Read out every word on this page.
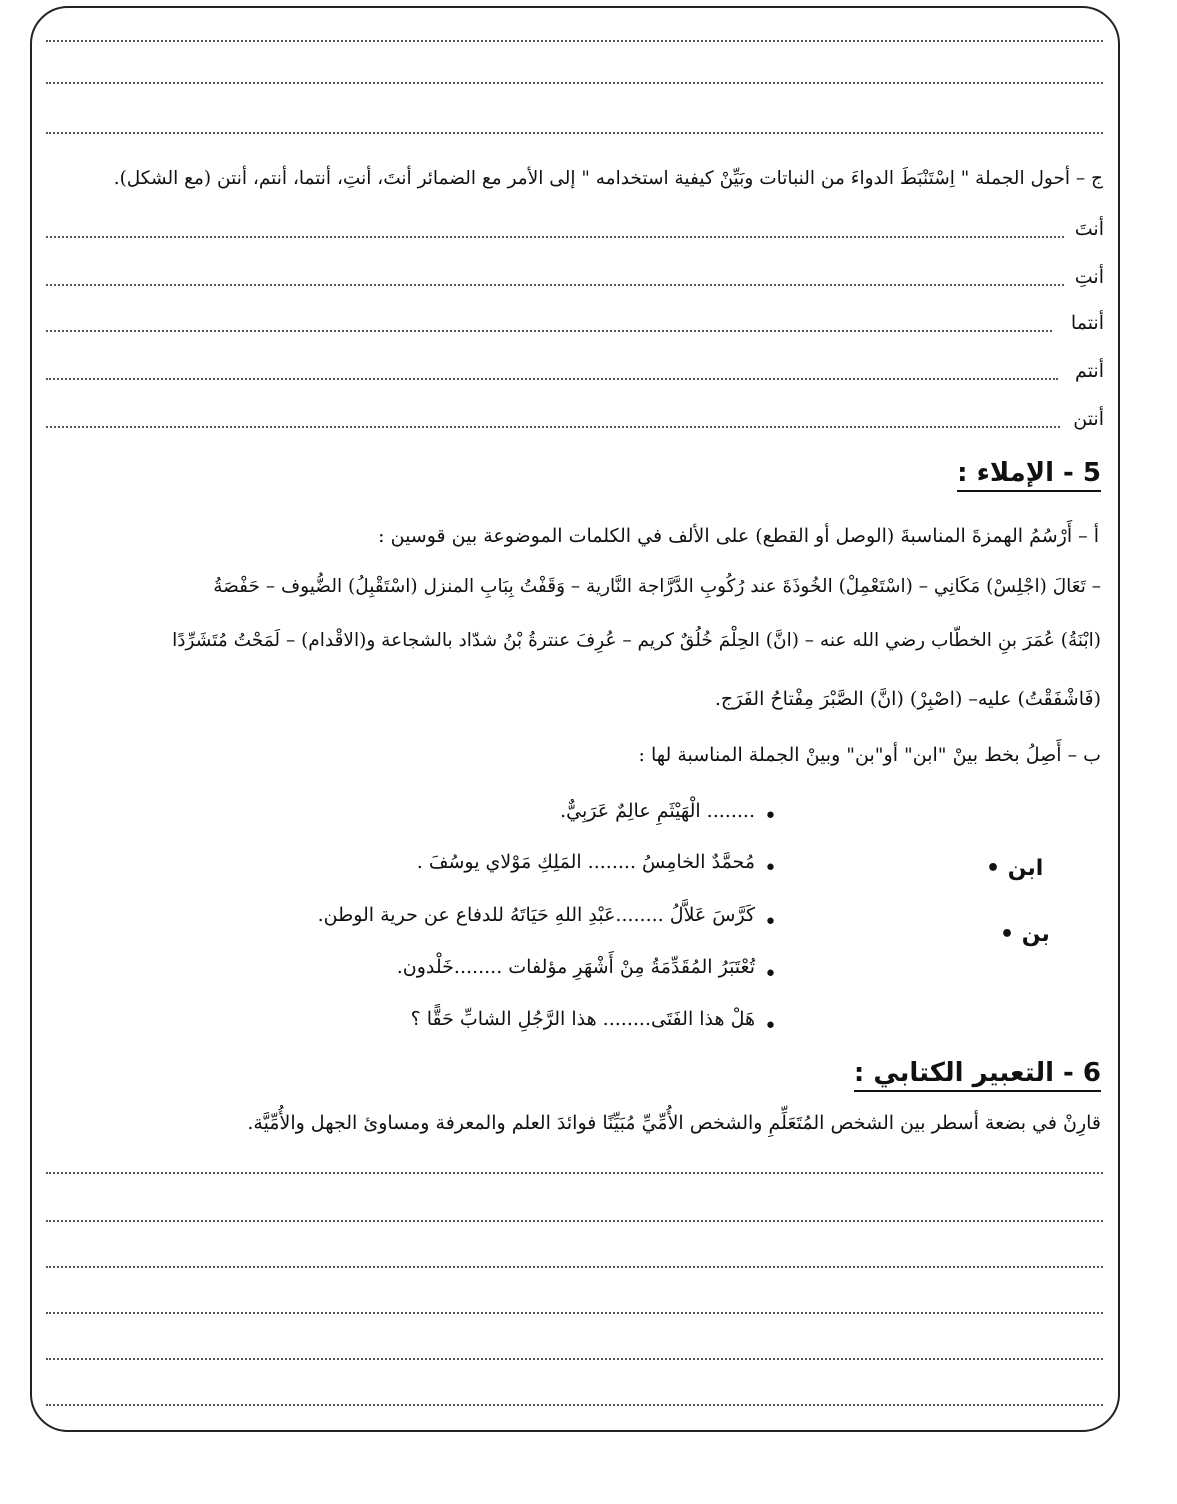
ج – أحول الجملة " اِسْتَنْبَطَ الدواءَ من النباتات وبَيِّنْ كيفية استخدامه " إلى الأمر مع الضمائر أنتَ، أنتِ، أنتما، أنتم، أنتن (مع الشكل).
أنتَ
أنتِ
أنتما
أنتم
أنتن
5 - الإملاء :
أ – أَرْسُمُ الهمزةَ المناسبةَ (الوصل أو القطع) على الألف في الكلمات الموضوعة بين قوسين :
– تَعَالَ (اجْلِسْ) مَكَانِي – (اسْتَعْمِلْ) الخُوذَةَ عند رُكُوبِ الدَّرَّاجة النَّارية – وَقَفْتُ بِبَابِ المنزل (اسْتَقْبِلُ) الضُّيوف – حَفْصَةُ
(ابْنَةُ) عُمَرَ بنِ الخطّاب رضي الله عنه – (انَّ) الحِلْمَ خُلُقٌ كريم – عُرِفَ عنترةُ بْنُ شدّاد بالشجاعة و(الاقْدام) – لَمَحْتُ مُتَشَرِّدًا
(فَاشْفَقْتُ) عليه– (اصْبِرْ) (انَّ) الصَّبْرَ مِفْتاحُ الفَرَج.
ب – أَصِلُ بخط بينْ "ابن" أو"بن" وبينْ الجملة المناسبة لها :
ابن •
بن •
•
........ الْهَيْثَمِ عالِمٌ عَرَبِيٌّ.
•
مُحمَّدٌ الخامِسُ ........ المَلِكِ مَوْلاي يوسُفَ .
•
كَرَّسَ عَلاَّلُ ........عَبْدِ اللهِ حَيَاتَهُ للدفاع عن حرية الوطن.
•
تُعْتَبَرُ المُقَدِّمَةُ مِنْ أَشْهَرِ مؤلفات ........خَلْدون.
•
هَلْ هذا الفَتَى........ هذا الرَّجُلِ الشابِّ حَقًّا ؟
6 - التعبير الكتابي :
قارِنْ في بضعة أسطر بين الشخص المُتَعَلِّمِ والشخص الأُمِّيِّ مُبَيِّنًا فوائدَ العلم والمعرفة ومساوئ الجهل والأُمِّيَّة.
